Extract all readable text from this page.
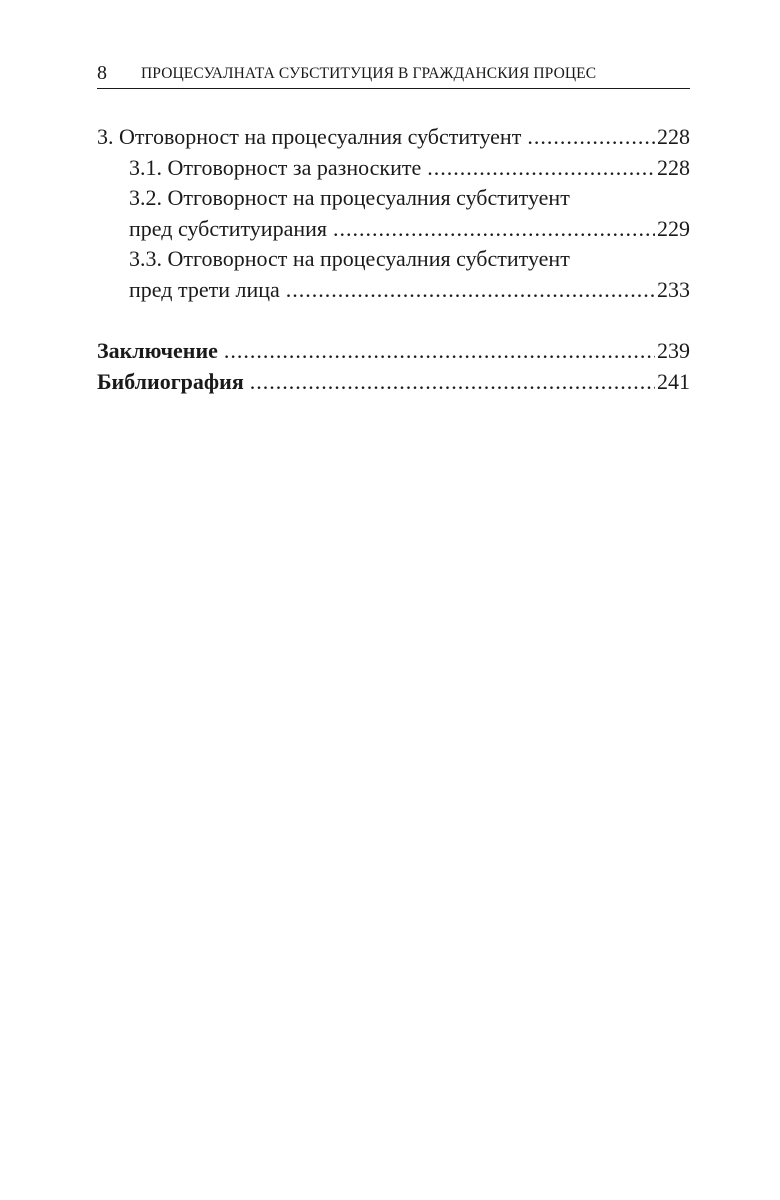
8 ПРОЦЕСУАЛНАТА СУБСТИТУЦИЯ В ГРАЖДАНСКИЯ ПРОЦЕС
3. Отговорност на процесуалния субституент .....	228
3.1. Отговорност за разноските .....	228
3.2. Отговорност на процесуалния субституент
пред субституирания .....	229
3.3. Отговорност на процесуалния субституент
пред трети лица .....	233
Заключение .....	239
Библиография .....	241
